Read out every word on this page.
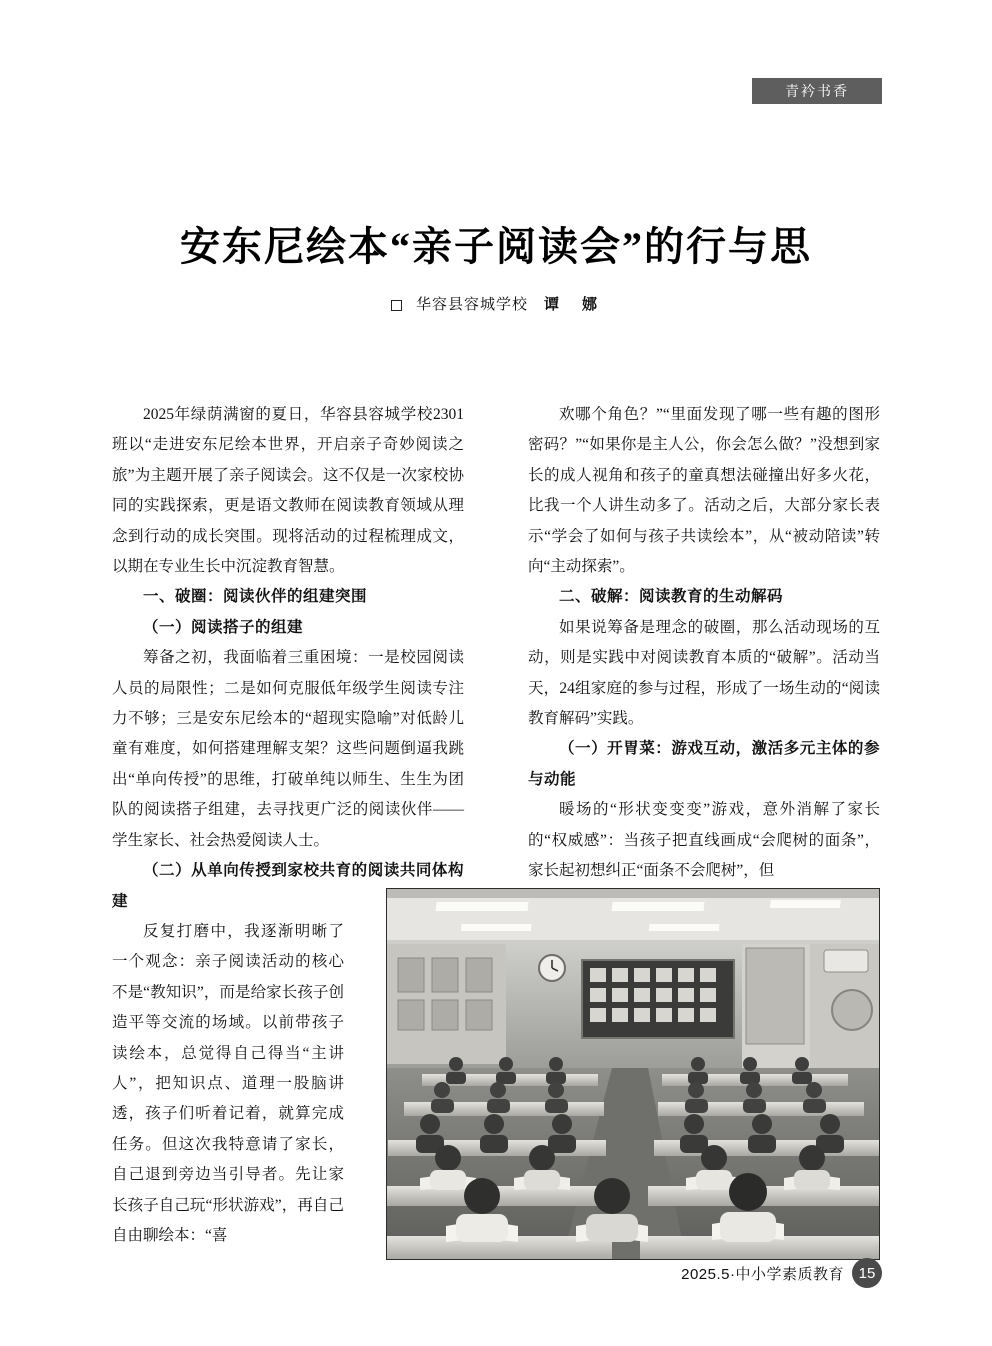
青衿书香
安东尼绘本“亲子阅读会”的行与思
华容县容城学校 谭　娜

2025年绿荫满窗的夏日，华容县容城学校2301班以“走进安东尼绘本世界，开启亲子奇妙阅读之旅”为主题开展了亲子阅读会。这不仅是一次家校协同的实践探索，更是语文教师在阅读教育领域从理念到行动的成长突围。现将活动的过程梳理成文，以期在专业生长中沉淀教育智慧。

一、破圈：阅读伙伴的组建突围

（一）阅读搭子的组建

筹备之初，我面临着三重困境：一是校园阅读人员的局限性；二是如何克服低年级学生阅读专注力不够；三是安东尼绘本的“超现实隐喻”对低龄儿童有难度，如何搭建理解支架？这些问题倒逼我跳出“单向传授”的思维，打破单纯以师生、生生为团队的阅读搭子组建，去寻找更广泛的阅读伙伴——学生家长、社会热爱阅读人士。

（二）从单向传授到家校共育的阅读共同体构建

反复打磨中，我逐渐明晰了一个观念：亲子阅读活动的核心不是“教知识”，而是给家长孩子创造平等交流的场域。以前带孩子读绘本，总觉得自己得当“主讲人”，把知识点、道理一股脑讲透，孩子们听着记着，就算完成任务。但这次我特意请了家长，自己退到旁边当引导者。先让家长孩子自己玩“形状游戏”，再自己自由聊绘本：“喜

欢哪个角色？”“里面发现了哪一些有趣的图形密码？”“如果你是主人公，你会怎么做？”没想到家长的成人视角和孩子的童真想法碰撞出好多火花，比我一个人讲生动多了。活动之后，大部分家长表示“学会了如何与孩子共读绘本”，从“被动陪读”转向“主动探索”。

二、破解：阅读教育的生动解码

如果说筹备是理念的破圈，那么活动现场的互动，则是实践中对阅读教育本质的“破解”。活动当天，24组家庭的参与过程，形成了一场生动的“阅读教育解码”实践。

（一）开胃菜：游戏互动，激活多元主体的参与动能

暖场的“形状变变变”游戏，意外消解了家长的“权威感”：当孩子把直线画成“会爬树的面条”，家长起初想纠正“面条不会爬树”，但

2025.5·中小学素质教育 15
